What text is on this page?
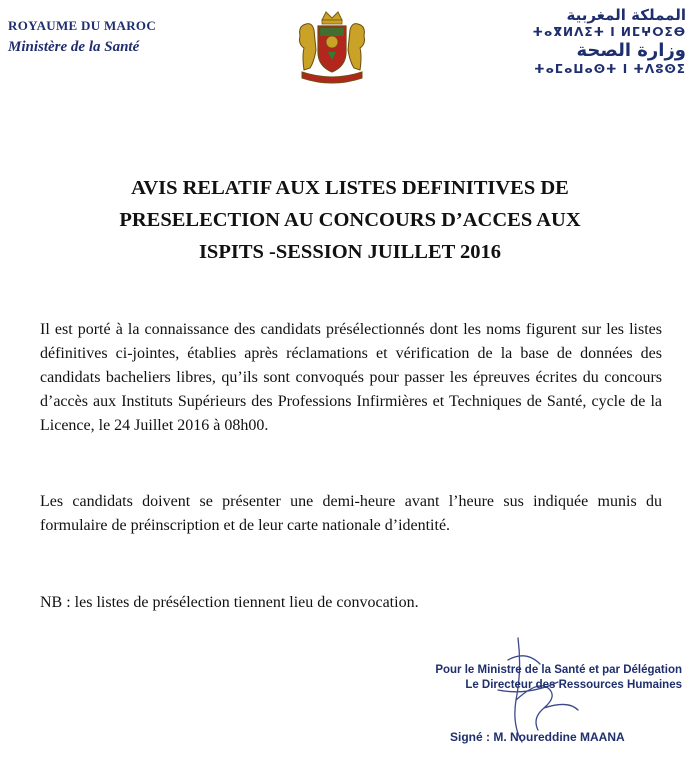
ROYAUME DU MAROC
Ministère de la Santé
المملكة المغربية
ⵜⴰⴳⵍⴷⵉⵜ ⵏ ⵍⵎⵖⵔⵉⴱ
وزارة الصحة
ⵜⴰⵎⴰⵡⴰⵙⵜ ⵏ ⵜⴷⵓⵙⵉ
AVIS RELATIF AUX LISTES DEFINITIVES DE
PRESELECTION AU CONCOURS D’ACCES AUX
ISPITS -SESSION JUILLET 2016
Il est porté à la connaissance des candidats présélectionnés dont les noms figurent sur les listes définitives ci-jointes, établies après réclamations et vérification de la base de données des candidats bacheliers libres, qu’ils sont convoqués pour passer les épreuves écrites du concours d’accès aux Instituts Supérieurs des Professions Infirmières et Techniques de Santé, cycle de la Licence, le 24 Juillet 2016 à 08h00.
Les candidats doivent se présenter une demi-heure avant l’heure sus indiquée munis du formulaire de préinscription et de leur carte nationale d’identité.
NB : les listes de présélection tiennent lieu de convocation.
Pour le Ministre de la Santé et par Délégation
Le Directeur des Ressources Humaines
Signé : M. Noureddine MAANA
